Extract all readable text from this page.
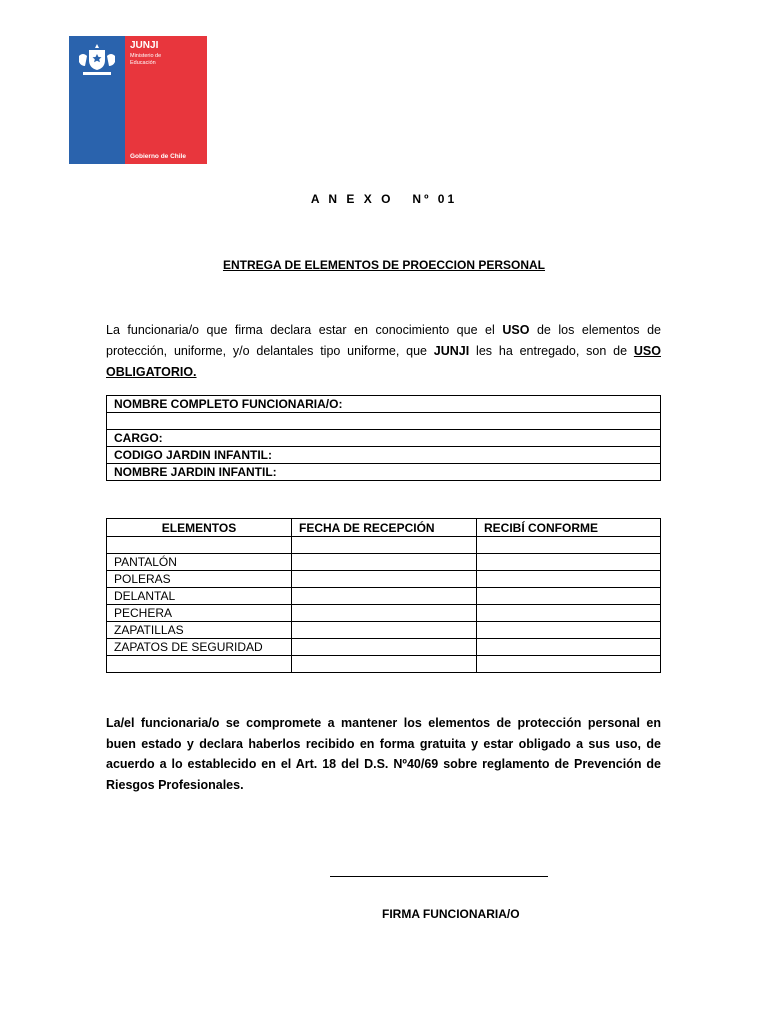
JUNJI
Ministerio de
Educación
Gobierno de Chile
A N E X O   Nº 01
ENTREGA DE ELEMENTOS DE PROECCION PERSONAL
La funcionaria/o que firma declara estar en conocimiento que el USO de los elementos de protección, uniforme, y/o delantales tipo uniforme, que JUNJI les ha entregado, son de USO OBLIGATORIO.
NOMBRE COMPLETO FUNCIONARIA/O:

CARGO:
CODIGO JARDIN INFANTIL:
NOMBRE JARDIN INFANTIL:
ELEMENTOS	FECHA DE RECEPCIÓN	RECIBÍ CONFORME

PANTALÓN		
POLERAS		
DELANTAL		
PECHERA		
ZAPATILLAS		
ZAPATOS DE SEGURIDAD		

La/el funcionaria/o se compromete a mantener los elementos de protección personal en buen estado y declara haberlos recibido en forma gratuita y estar obligado a sus uso, de acuerdo a lo establecido en el Art. 18 del D.S. Nº40/69 sobre reglamento de Prevención de Riesgos Profesionales.
FIRMA FUNCIONARIA/O
